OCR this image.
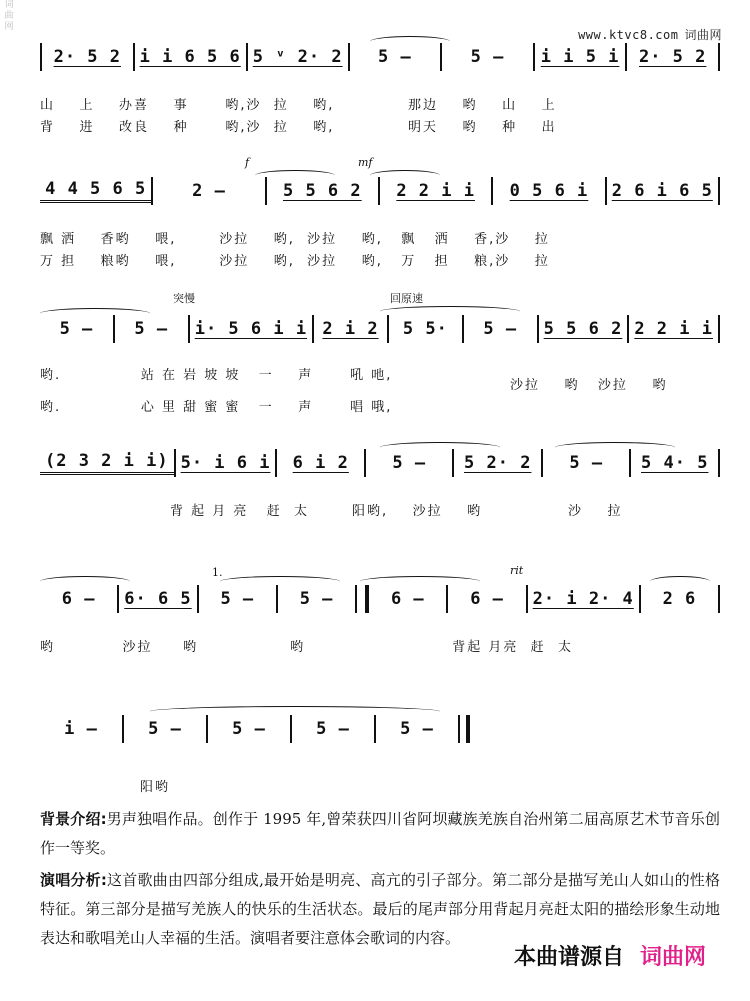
词
曲
网
www.ktvc8.com 词曲网
2· 5 2	i i 6 5 6 5 ᵛ 2· 2	5 –	5 –	i i 5 i	2· 5 2
山    上    办喜    事      哟,沙  拉    哟,            那边    哟    山    上
背    进    改良    种      哟,沙  拉    哟,            明天    哟    种    出
f	mf
4 4 5 6 5	2 –	5 5 6 2	2 2 i i	0 5 6 i	2 6 i 6 5
飘 洒    香哟    喂,       沙拉    哟,  沙拉    哟,   飘   洒    香,沙    拉
万 担    粮哟    喂,       沙拉    哟,  沙拉    哟,   万   担    粮,沙    拉
突慢	回原速
5 –	5 –	i· 5 6 i i 2 i 2	5 5·	5 –	5 5 6 2 2 2 i i

哟.             站 在 岩 坡 坡   一    声      吼 吔,

沙拉    哟   沙拉    哟

哟.             心 里 甜 蜜 蜜   一    声      唱 哦,

(2 3 2 i i) 5· i 6 i	6 i 2	5 –	5 2· 2	5 –	5 4· 5

背 起 月 亮   赶  太       阳哟,    沙拉    哟              沙    拉

1.	rit
6 –	6· 6 5	5 –	5 –	6 –	6 –	2· i 2· 4	2 6

哟           沙拉     哟               哟                        背起 月亮  赶  太

i –	5 –	5 –	5 –	5 –

阳哟

背景介绍:男声独唱作品。创作于 1995 年,曾荣获四川省阿坝藏族羌族自治州第二届高原艺术节音乐创作一等奖。
演唱分析:这首歌曲由四部分组成,最开始是明亮、高亢的引子部分。第二部分是描写羌山人如山的性格特征。第三部分是描写羌族人的快乐的生活状态。最后的尾声部分用背起月亮赶太阳的描绘形象生动地表达和歌唱羌山人幸福的生活。演唱者要注意体会歌词的内容。
本曲谱源自 词曲网
